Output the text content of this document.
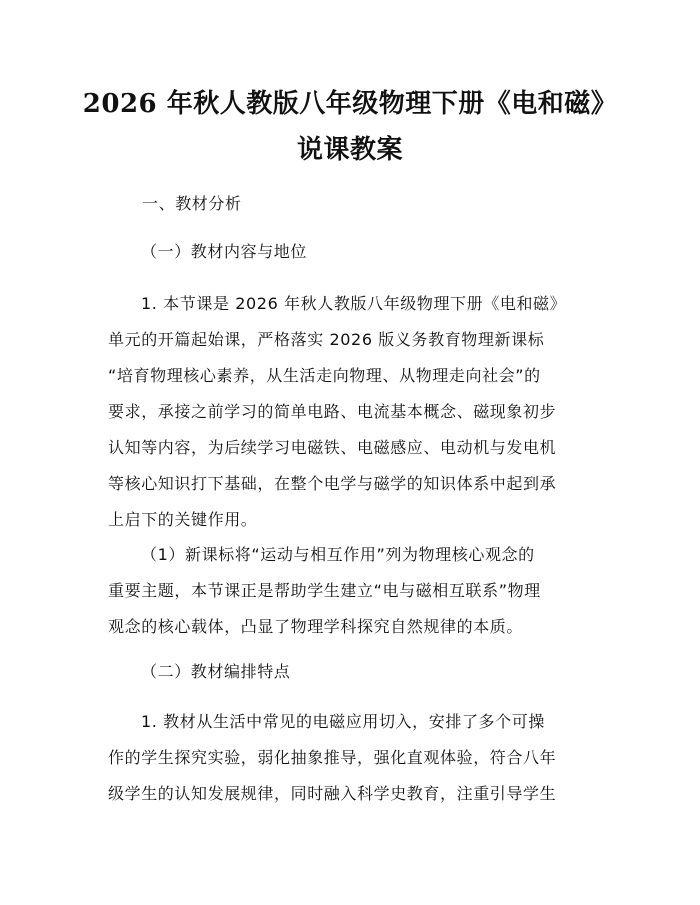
2026 年秋人教版八年级物理下册《电和磁》
说课教案
一、教材分析
（一）教材内容与地位
1. 本节课是 2026 年秋人教版八年级物理下册《电和磁》
单元的开篇起始课，严格落实 2026 版义务教育物理新课标
“培育物理核心素养，从生活走向物理、从物理走向社会”的
要求，承接之前学习的简单电路、电流基本概念、磁现象初步
认知等内容，为后续学习电磁铁、电磁感应、电动机与发电机
等核心知识打下基础，在整个电学与磁学的知识体系中起到承
上启下的关键作用。
（1）新课标将“运动与相互作用”列为物理核心观念的
重要主题，本节课正是帮助学生建立“电与磁相互联系”物理
观念的核心载体，凸显了物理学科探究自然规律的本质。
（二）教材编排特点
1. 教材从生活中常见的电磁应用切入，安排了多个可操
作的学生探究实验，弱化抽象推导，强化直观体验，符合八年
级学生的认知发展规律，同时融入科学史教育，注重引导学生
